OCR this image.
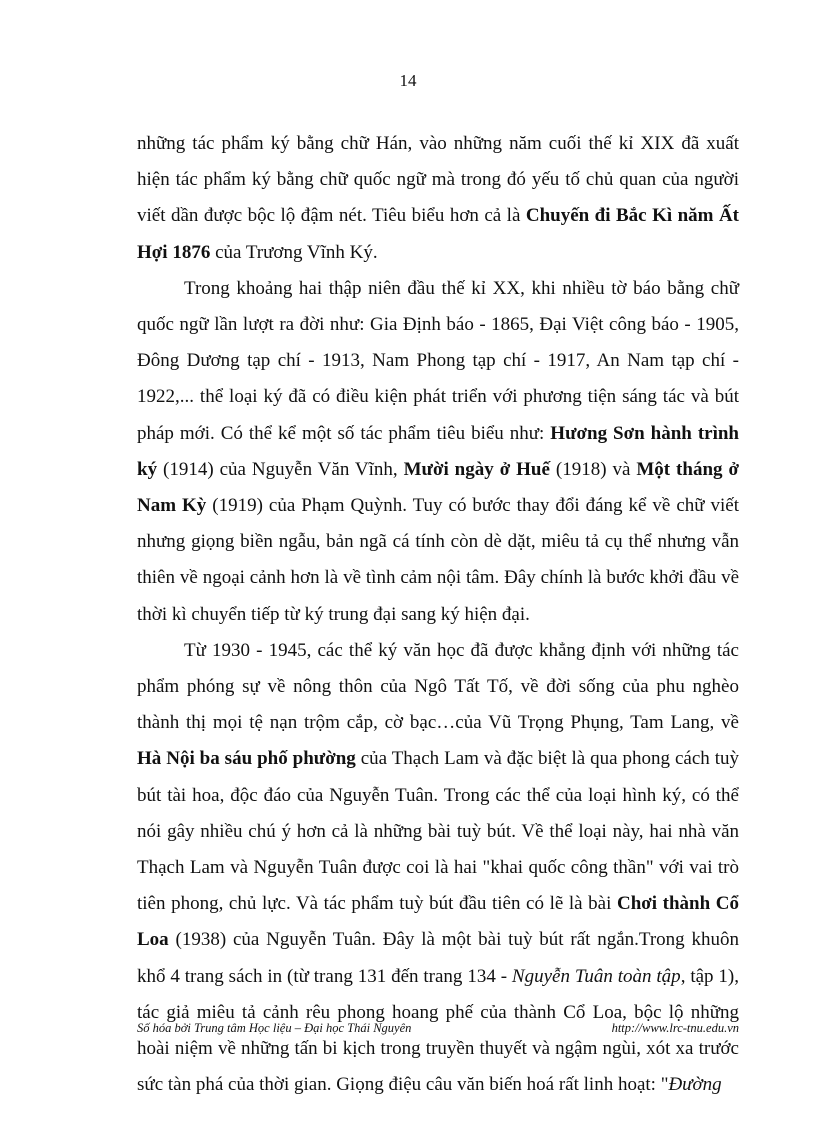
14

những tác phẩm ký bằng chữ Hán, vào những năm cuối thế kỉ XIX đã xuất hiện tác phẩm ký bằng chữ quốc ngữ mà trong đó yếu tố chủ quan của người viết dần được bộc lộ đậm nét. Tiêu biểu hơn cả là Chuyến đi Bắc Kì năm Ất Hợi 1876 của Trương Vĩnh Ký.

Trong khoảng hai thập niên đầu thế kỉ XX, khi nhiều tờ báo bằng chữ quốc ngữ lần lượt ra đời như: Gia Định báo - 1865, Đại Việt công báo - 1905, Đông Dương tạp chí - 1913, Nam Phong tạp chí - 1917, An Nam tạp chí - 1922,... thể loại ký đã có điều kiện phát triển với phương tiện sáng tác và bút pháp mới. Có thể kể một số tác phẩm tiêu biểu như: Hương Sơn hành trình ký (1914) của Nguyễn Văn Vĩnh, Mười ngày ở Huế (1918) và Một tháng ở Nam Kỳ (1919) của Phạm Quỳnh. Tuy có bước thay đổi đáng kể về chữ viết nhưng giọng biền ngẫu, bản ngã cá tính còn dè dặt, miêu tả cụ thể nhưng vẫn thiên về ngoại cảnh hơn là về tình cảm nội tâm. Đây chính là bước khởi đầu về thời kì chuyển tiếp từ ký trung đại sang ký hiện đại.

Từ 1930 - 1945, các thể ký văn học đã được khẳng định với những tác phẩm phóng sự về nông thôn của Ngô Tất Tố, về đời sống của phu nghèo thành thị mọi tệ nạn trộm cắp, cờ bạc…của Vũ Trọng Phụng, Tam Lang, về Hà Nội ba sáu phố phường của Thạch Lam và đặc biệt là qua phong cách tuỳ bút tài hoa, độc đáo của Nguyễn Tuân. Trong các thể của loại hình ký, có thể nói gây nhiều chú ý hơn cả là những bài tuỳ bút. Về thể loại này, hai nhà văn Thạch Lam và Nguyễn Tuân được coi là hai "khai quốc công thần" với vai trò tiên phong, chủ lực. Và tác phẩm tuỳ bút đầu tiên có lẽ là bài Chơi thành Cổ Loa (1938) của Nguyễn Tuân. Đây là một bài tuỳ bút rất ngắn.Trong khuôn khổ 4 trang sách in (từ trang 131 đến trang 134 - Nguyễn Tuân toàn tập, tập 1), tác giả miêu tả cảnh rêu phong hoang phế của thành Cổ Loa, bộc lộ những hoài niệm về những tấn bi kịch trong truyền thuyết và ngậm ngùi, xót xa trước sức tàn phá của thời gian. Giọng điệu câu văn biến hoá rất linh hoạt: "Đường

Số hóa bởi Trung tâm Học liệu – Đại học Thái Nguyên	http://www.lrc-tnu.edu.vn
